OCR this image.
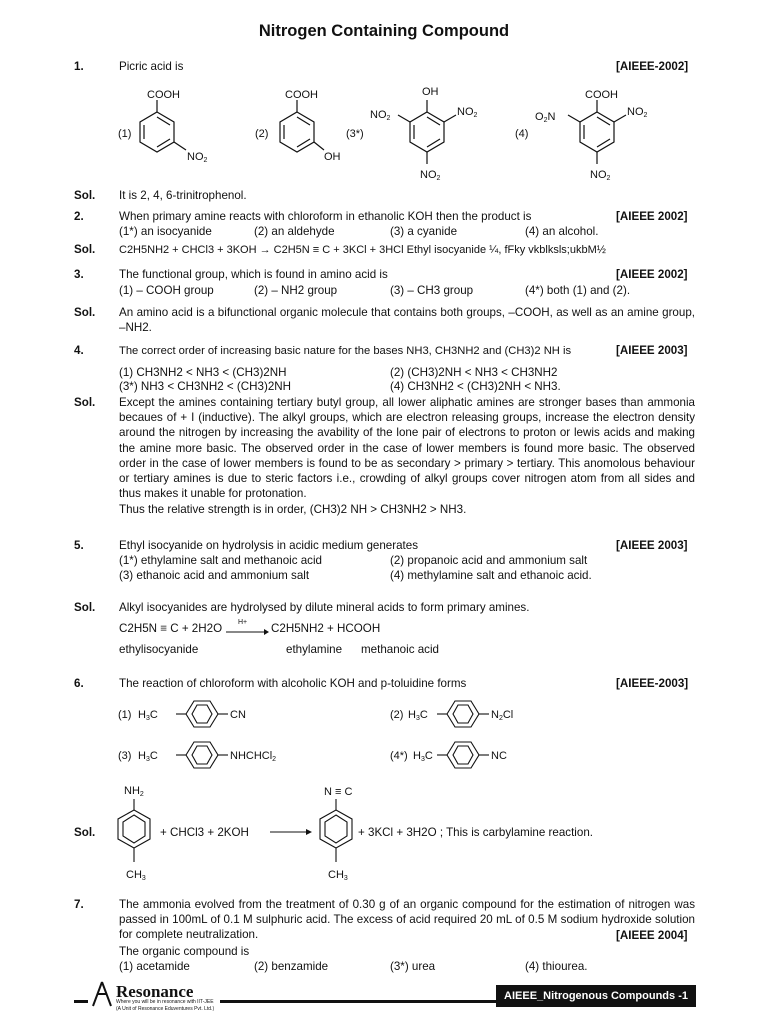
Nitrogen Containing Compound
1.	Picric acid is	[AIEEE-2002]
(1)
COOH
NO2
(2)
COOH
OH
(3*)
OH
NO2
NO2
NO2
(4)
COOH
O2N	NO2
NO2
Sol. It is 2, 4, 6-trinitrophenol.
2.	When primary amine reacts with chloroform in ethanolic KOH then the product is	[AIEEE 2002]
(1*) an isocyanide	(2) an aldehyde	(3) a cyanide	(4) an alcohol.
Sol. C2H5NH2 + CHCl3 + 3KOH → C2H5N ≡ C + 3KCl + 3HCl Ethyl isocyanide ¼, fFky vkblksls;ukbM½
3.	The functional group, which is found in amino acid is	[AIEEE 2002]
(1) – COOH group	(2) – NH2 group	(3) – CH3 group	(4*) both (1) and (2).
Sol. An amino acid is a bifunctional organic molecule that contains both groups, –COOH, as well as an amine group, –NH2.
4.	The correct order of increasing basic nature for the bases NH3, CH3NH2 and (CH3)2 NH is	[AIEEE 2003]
(1) CH3NH2 < NH3 < (CH3)2NH	(2) (CH3)2NH < NH3 < CH3NH2
(3*) NH3 < CH3NH2 < (CH3)2NH	(4) CH3NH2 < (CH3)2NH < NH3.
Sol. Except the amines containing tertiary butyl group, all lower aliphatic amines are stronger bases than ammonia becaues of + I (inductive). The alkyl groups, which are electron releasing groups, increase the electron density around the nitrogen by increasing the avability of the lone pair of electrons to proton or lewis acids and making the amine more basic. The observed order in the case of lower members is found more basic. The observed order in the case of lower members is found to be as secondary > primary > tertiary. This anomolous behaviour or tertiary amines is due to steric factors i.e., crowding of alkyl groups cover nitrogen atom from all sides and thus makes it unable for protonation.
Thus the relative strength is in order, (CH3)2 NH > CH3NH2 > NH3.
5.	Ethyl isocyanide on hydrolysis in acidic medium generates	[AIEEE 2003]
(1*) ethylamine salt and methanoic acid	(2) propanoic acid and ammonium salt
(3) ethanoic acid and ammonium salt	(4) methylamine salt and ethanoic acid.
Sol. Alkyl isocyanides are hydrolysed by dilute mineral acids to form primary amines.
C2H5N ≡ C + 2H2O →
H+ C2H5NH2 + HCOOH
ethylisocyanide	ethylamine methanoic acid
6.	The reaction of chloroform with alcoholic KOH and p-toluidine forms	[AIEEE-2003]
(1) H3C	CN	(2) H3C	N2Cl
(3) H3C	NHCHCl2	(4*) H3C	NC
Sol.
NH2
CH3
N ≡ C
CH3
+ CHCl3 + 2KOH	+ 3KCl + 3H2O ; This is carbylamine reaction.
7.	The ammonia evolved from the treatment of 0.30 g of an organic compound for the estimation of nitrogen was passed in 100mL of 0.1 M sulphuric acid. The excess of acid required 20 mL of 0.5 M sodium hydroxide solution for complete neutralization.	[AIEEE 2004]
The organic compound is
(1) acetamide	(2) benzamide	(3*) urea	(4) thiourea.
Resonance
Where you will be in resonance with IIT-JEE
(A Unit of Resonance Eduventures Pvt. Ltd.)
AIEEE_Nitrogenous Compounds -1
